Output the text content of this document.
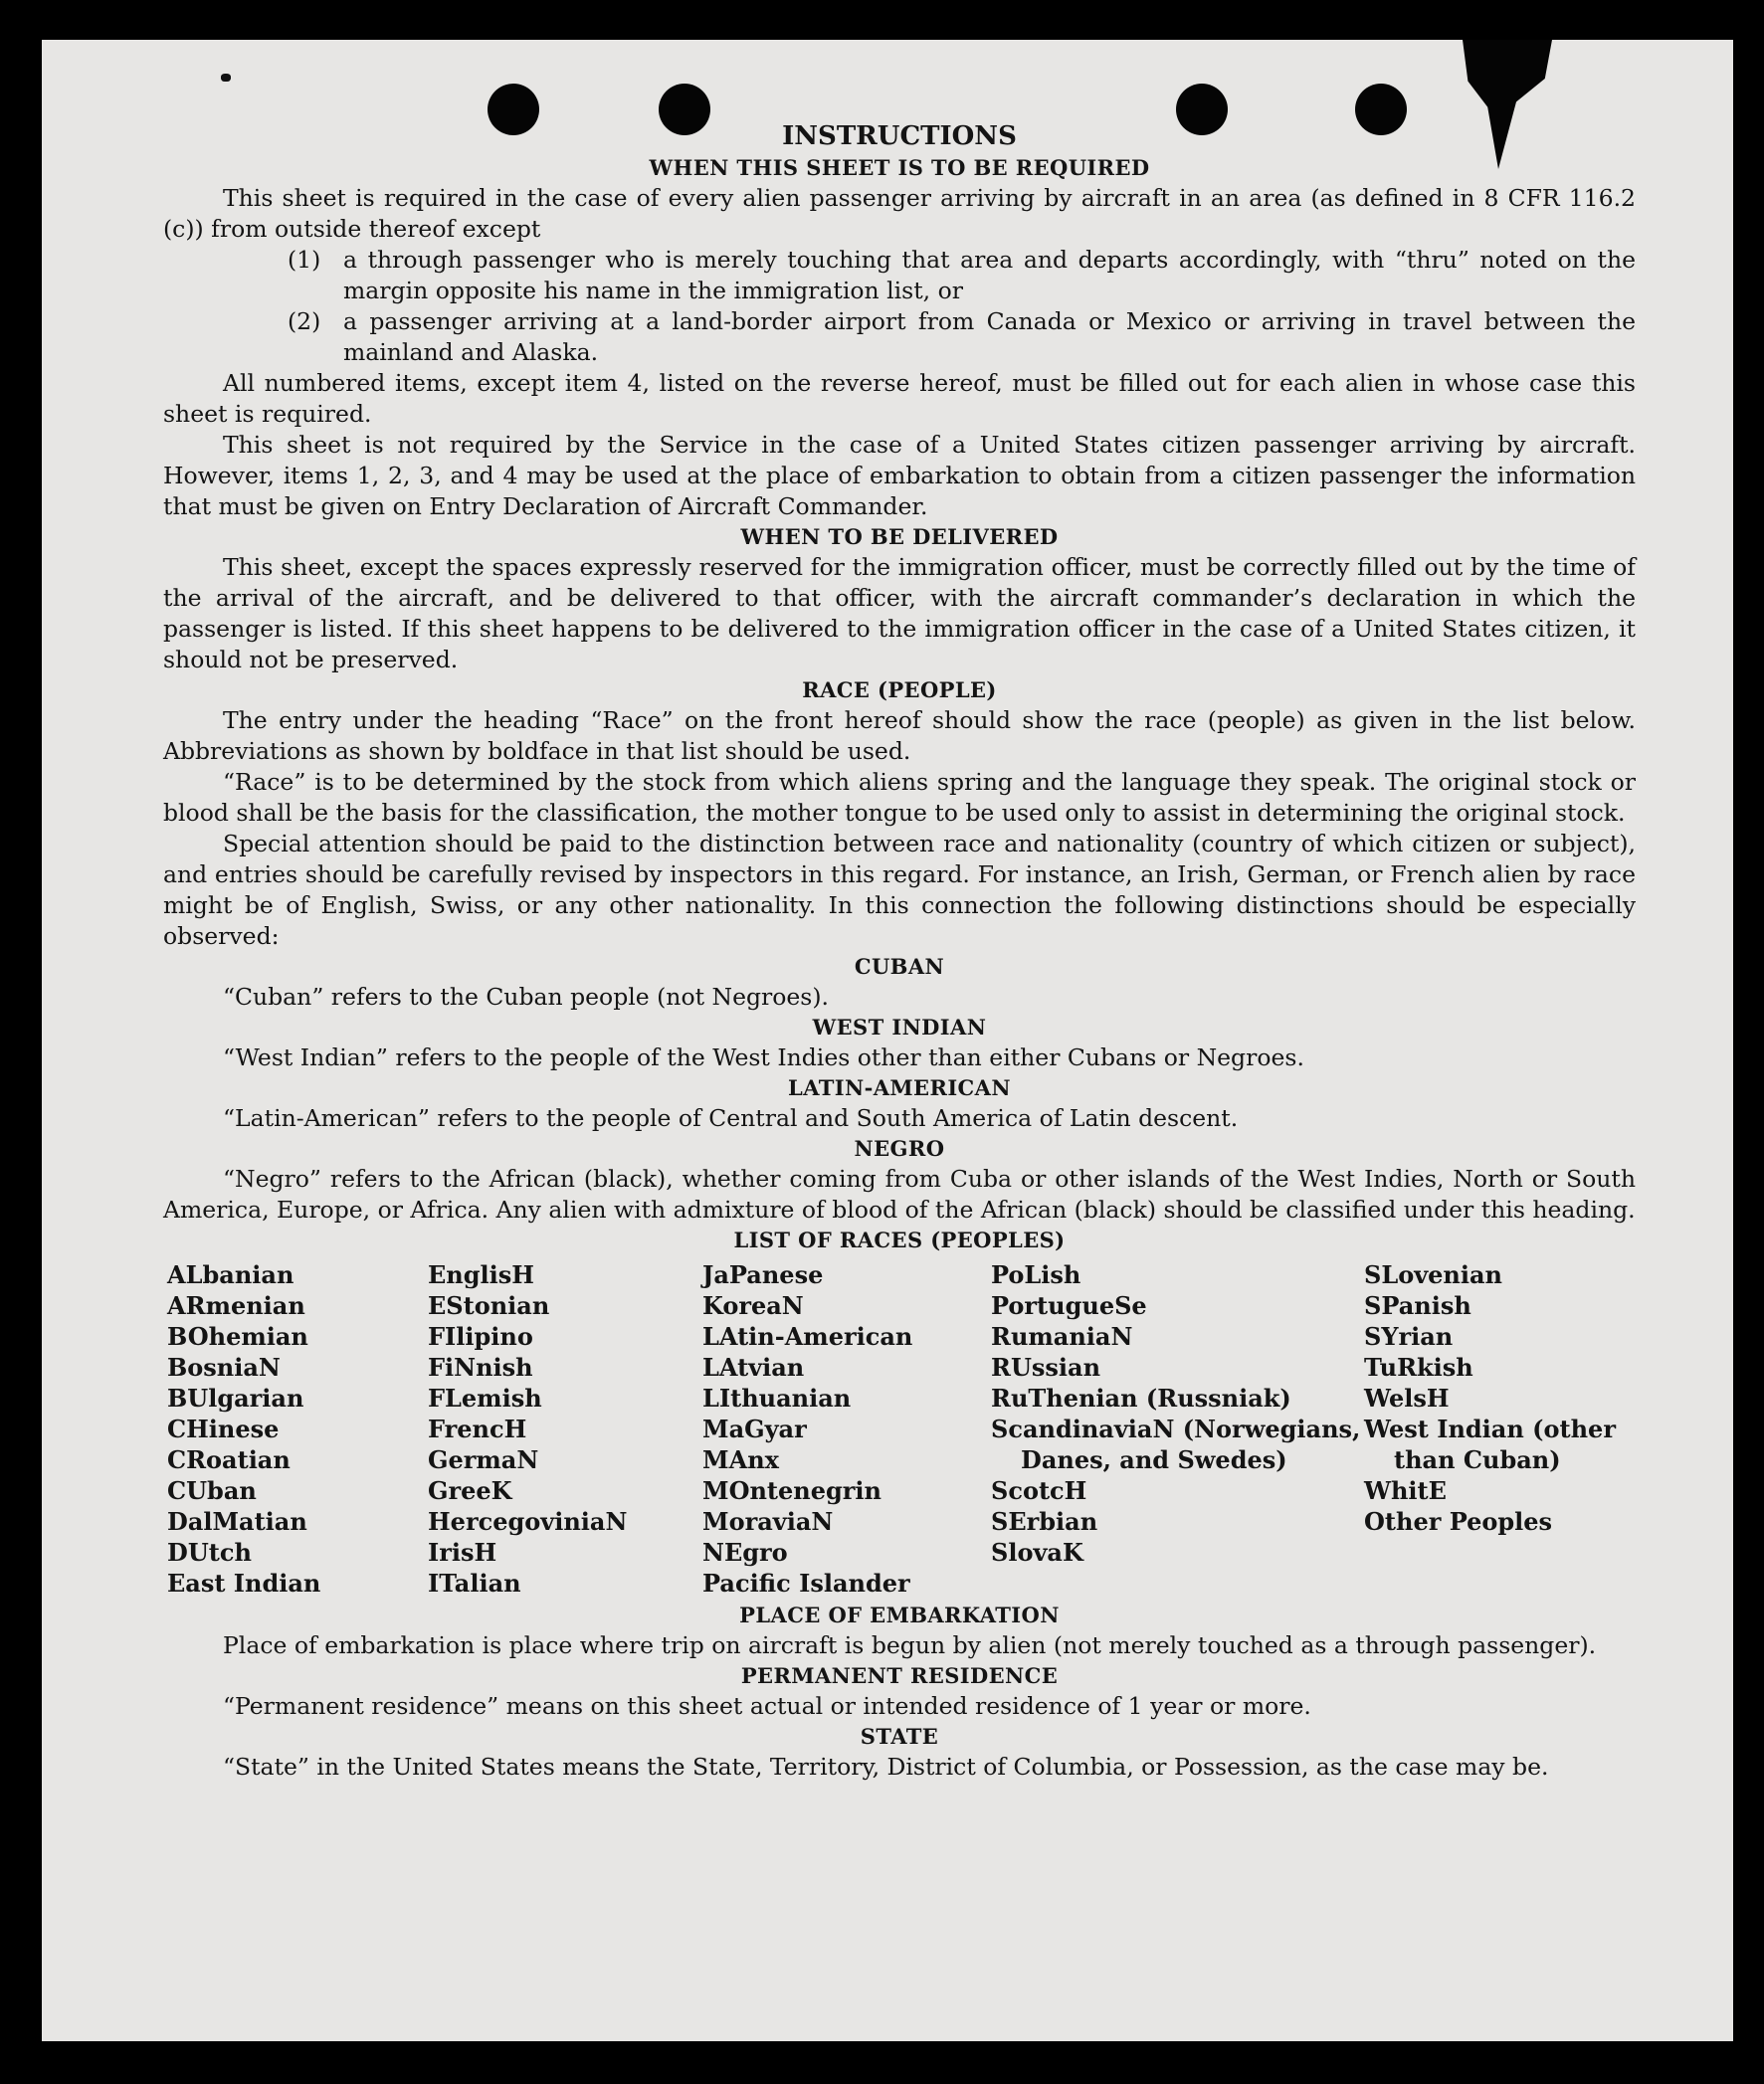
INSTRUCTIONS
WHEN THIS SHEET IS TO BE REQUIRED

This sheet is required in the case of every alien passenger arriving by aircraft in an area (as defined in 8 CFR 116.2 (c)) from outside thereof except

(1) a through passenger who is merely touching that area and departs accordingly, with “thru” noted on the margin opposite his name in the immigration list, or
(2) a passenger arriving at a land-border airport from Canada or Mexico or arriving in travel between the mainland and Alaska.

All numbered items, except item 4, listed on the reverse hereof, must be filled out for each alien in whose case this sheet is required.

This sheet is not required by the Service in the case of a United States citizen passenger arriving by aircraft. However, items 1, 2, 3, and 4 may be used at the place of embarkation to obtain from a citizen passenger the information that must be given on Entry Declaration of Aircraft Commander.

WHEN TO BE DELIVERED

This sheet, except the spaces expressly reserved for the immigration officer, must be correctly filled out by the time of the arrival of the aircraft, and be delivered to that officer, with the aircraft commander’s declaration in which the passenger is listed. If this sheet happens to be delivered to the immigration officer in the case of a United States citizen, it should not be preserved.

RACE (PEOPLE)

The entry under the heading “Race” on the front hereof should show the race (people) as given in the list below. Abbreviations as shown by boldface in that list should be used.

“Race” is to be determined by the stock from which aliens spring and the language they speak. The original stock or blood shall be the basis for the classification, the mother tongue to be used only to assist in determining the original stock.

Special attention should be paid to the distinction between race and nationality (country of which citizen or subject), and entries should be carefully revised by inspectors in this regard. For instance, an Irish, German, or French alien by race might be of English, Swiss, or any other nationality. In this connection the following distinctions should be especially observed:

CUBAN

“Cuban” refers to the Cuban people (not Negroes).

WEST INDIAN

“West Indian” refers to the people of the West Indies other than either Cubans or Negroes.

LATIN-AMERICAN

“Latin-American” refers to the people of Central and South America of Latin descent.

NEGRO

“Negro” refers to the African (black), whether coming from Cuba or other islands of the West Indies, North or South America, Europe, or Africa. Any alien with admixture of blood of the African (black) should be classified under this heading.

LIST OF RACES (PEOPLES)
ALbanian
ARmenian
BOhemian
BosniaN
BUlgarian
CHinese
CRoatian
CUban
DalMatian
DUtch
East Indian
EnglisH
EStonian
FIlipino
FiNnish
FLemish
FrencH
GermaN
GreeK
HercegoviniaN
IrisH
ITalian
JaPanese
KoreaN
LAtin-American
LAtvian
LIthuanian
MaGyar
MAnx
MOntenegrin
MoraviaN
NEgro
Pacific Islander
PoLish
PortugueSe
RumaniaN
RUssian
RuThenian (Russniak)
ScandinaviaN (Norwegians, Danes, and Swedes)
ScotcH
SErbian
SlovaK
SLovenian
SPanish
SYrian
TuRkish
WelsH
West Indian (other than Cuban)
WhitE
Other Peoples
PLACE OF EMBARKATION

Place of embarkation is place where trip on aircraft is begun by alien (not merely touched as a through passenger).

PERMANENT RESIDENCE

“Permanent residence” means on this sheet actual or intended residence of 1 year or more.

STATE

“State” in the United States means the State, Territory, District of Columbia, or Possession, as the case may be.
